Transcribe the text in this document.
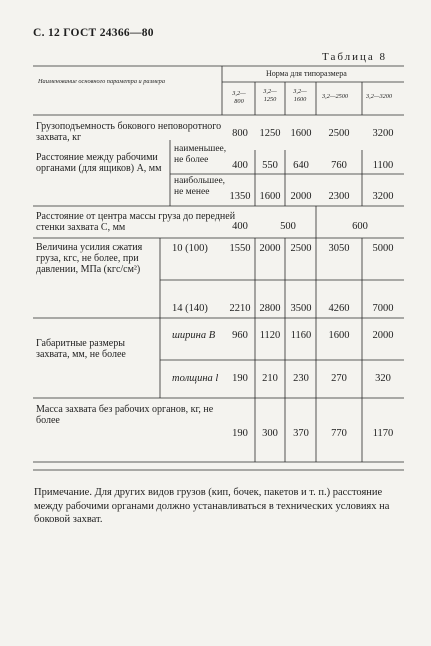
С. 12 ГОСТ 24366—80
Таблица 8
Наименование основного параметра и размера
Норма для типоразмера
3,2—800
3,2—1250
3,2—1600	3,2—2500	3,2—3200
Грузоподъемность бокового неповоротного захвата, кг	800 1250 1600 2500 3200
Расстояние между рабочими органами (для ящиков) A, мм
наименьшее, не более
400 550 640 760 1100
наибольшее, не менее	1350 1600 2000 2300 3200
Расстояние от центра массы груза до передней стенки захвата С, мм	400	500	600
Величина усилия сжатия груза, кгс, не более, при давлении, МПа (кгс/см²)
10 (100) 1550 2000 2500 3050 5000
14 (140) 2210 2800 3500 4260 7000
Габаритные размеры захвата, мм, не более
ширина B 960 1120 1160 1600 2000
толщина l 190 210 230 270	320
Масса захвата без рабочих органов, кг, не более
190 300 370 770 1170
Примечание. Для других видов грузов (кип, бочек, пакетов и т. п.) расстояние между рабочими органами должно устанавливаться в технических условиях на боковой захват.
